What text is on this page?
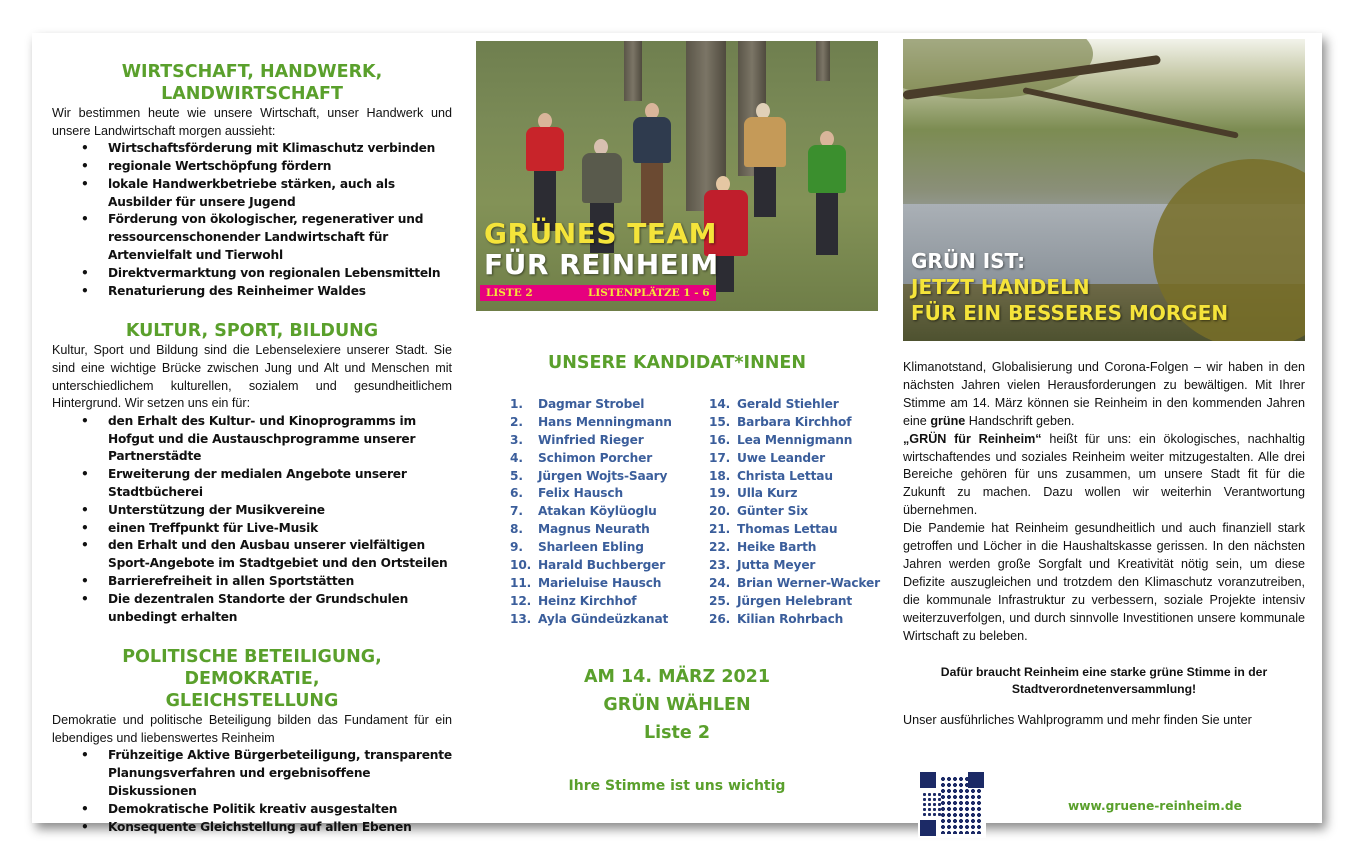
WIRTSCHAFT, HANDWERK,
LANDWIRTSCHAFT

Wir bestimmen heute wie unsere Wirtschaft, unser Handwerk und unsere Landwirtschaft morgen aussieht:

• Wirtschaftsförderung mit Klimaschutz verbinden
• regionale Wertschöpfung fördern
• lokale Handwerkbetriebe stärken, auch als Ausbilder für unsere Jugend
• Förderung von ökologischer, regenerativer und ressourcenschonender Landwirtschaft für Artenvielfalt und Tierwohl
• Direktvermarktung von regionalen Lebensmitteln
• Renaturierung des Reinheimer Waldes
KULTUR, SPORT, BILDUNG

Kultur, Sport und Bildung sind die Lebenselexiere unserer Stadt. Sie sind eine wichtige Brücke zwischen Jung und Alt und Menschen mit unterschiedlichem kulturellen, sozialem und gesundheitlichem Hintergrund. Wir setzen uns ein für:

• den Erhalt des Kultur- und Kinoprogramms im Hofgut und die Austauschprogramme unserer Partnerstädte
• Erweiterung der medialen Angebote unserer Stadtbücherei
• Unterstützung der Musikvereine
• einen Treffpunkt für Live-Musik
• den Erhalt und den Ausbau unserer vielfältigen Sport-Angebote im Stadtgebiet und den Ortsteilen
• Barrierefreiheit in allen Sportstätten
• Die dezentralen Standorte der Grundschulen unbedingt erhalten
POLITISCHE BETEILIGUNG, DEMOKRATIE,
GLEICHSTELLUNG

Demokratie und politische Beteiligung bilden das Fundament für ein lebendiges und liebenswertes Reinheim

• Frühzeitige Aktive Bürgerbeteiligung, transparente Planungsverfahren und ergebnisoffene Diskussionen
• Demokratische Politik kreativ ausgestalten
• Konsequente Gleichstellung auf allen Ebenen
GRÜNES TEAM
FÜR REINHEIM
LISTE 2	LISTENPLÄTZE 1 - 6
UNSERE KANDIDAT*INNEN
1. Dagmar Strobel
2. Hans Menningmann
3. Winfried Rieger
4. Schimon Porcher
5. Jürgen Wojts-Saary
6. Felix Hausch
7. Atakan Köylüoglu
8. Magnus Neurath
9. Sharleen Ebling
10. Harald Buchberger
11. Marieluise Hausch
12. Heinz Kirchhof
13. Ayla Gündeüzkanat
14. Gerald Stiehler
15. Barbara Kirchhof
16. Lea Mennigmann
17. Uwe Leander
18. Christa Lettau
19. Ulla Kurz
20. Günter Six
21. Thomas Lettau
22. Heike Barth
23. Jutta Meyer
24. Brian Werner-Wacker
25. Jürgen Helebrant
26. Kilian Rohrbach
AM 14. MÄRZ 2021
GRÜN WÄHLEN
Liste 2
Ihre Stimme ist uns wichtig
GRÜN IST:
JETZT HANDELN
FÜR EIN BESSERES MORGEN

Klimanotstand, Globalisierung und Corona-Folgen – wir haben in den nächsten Jahren vielen Herausforderungen zu bewältigen. Mit Ihrer Stimme am 14. März können sie Reinheim in den kommenden Jahren eine grüne Handschrift geben.

„GRÜN für Reinheim“ heißt für uns: ein ökologisches, nachhaltig wirtschaftendes und soziales Reinheim weiter mitzugestalten. Alle drei Bereiche gehören für uns zusammen, um unsere Stadt fit für die Zukunft zu machen. Dazu wollen wir weiterhin Verantwortung übernehmen.

Die Pandemie hat Reinheim gesundheitlich und auch finanziell stark getroffen und Löcher in die Haushaltskasse gerissen. In den nächsten Jahren werden große Sorgfalt und Kreativität nötig sein, um diese Defizite auszugleichen und trotzdem den Klimaschutz voranzutreiben, die kommunale Infrastruktur zu verbessern, soziale Projekte intensiv weiterzuverfolgen, und durch sinnvolle Investitionen unsere kommunale Wirtschaft zu beleben.

Dafür braucht Reinheim eine starke grüne Stimme in der
Stadtverordnetenversammlung!
Unser ausführliches Wahlprogramm und mehr finden Sie unter
www.gruene-reinheim.de
